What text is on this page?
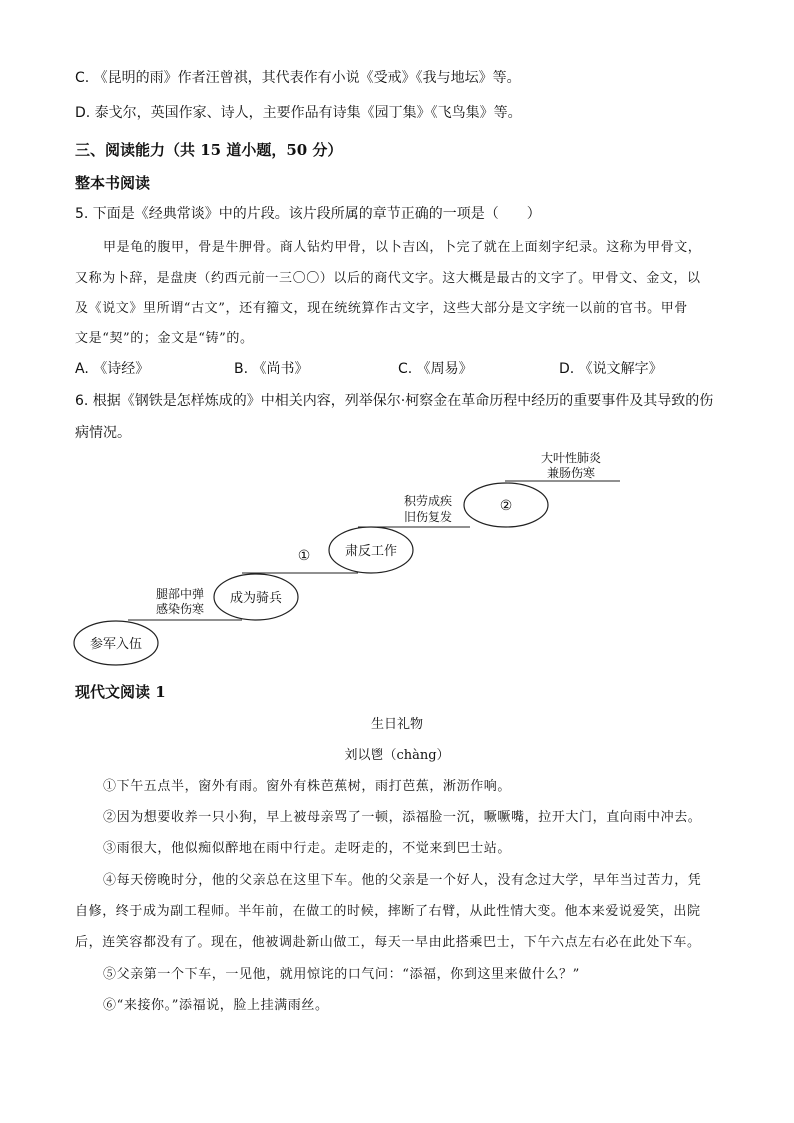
C. 《昆明的雨》作者汪曾祺，其代表作有小说《受戒》《我与地坛》等。
D. 泰戈尔，英国作家、诗人，主要作品有诗集《园丁集》《飞鸟集》等。
三、阅读能力（共 15 道小题，50 分）
整本书阅读
5. 下面是《经典常谈》中的片段。该片段所属的章节正确的一项是（　　）
甲是龟的腹甲，骨是牛胛骨。商人钻灼甲骨，以卜吉凶，卜完了就在上面刻字纪录。这称为甲骨文，
又称为卜辞，是盘庚（约西元前一三〇〇）以后的商代文字。这大概是最古的文字了。甲骨文、金文，以
及《说文》里所谓“古文”，还有籀文，现在统统算作古文字，这些大部分是文字统一以前的官书。甲骨
文是“契”的；金文是“铸”的。
A. 《诗经》	B. 《尚书》	C. 《周易》	D. 《说文解字》
6. 根据《钢铁是怎样炼成的》中相关内容，列举保尔·柯察金在革命历程中经历的重要事件及其导致的伤
病情况。
参军入伍
成为骑兵
肃反工作
②
腿部中弹
感染伤寒
①
积劳成疾
旧伤复发
大叶性肺炎
兼肠伤寒
现代文阅读 1
生日礼物
刘以鬯（chàng）
①下午五点半，窗外有雨。窗外有株芭蕉树，雨打芭蕉，淅沥作响。
②因为想要收养一只小狗，早上被母亲骂了一顿，添福脸一沉，噘噘嘴，拉开大门，直向雨中冲去。
③雨很大，他似痴似醉地在雨中行走。走呀走的，不觉来到巴士站。
④每天傍晚时分，他的父亲总在这里下车。他的父亲是一个好人，没有念过大学，早年当过苦力，凭
自修，终于成为副工程师。半年前，在做工的时候，摔断了右臂，从此性情大变。他本来爱说爱笑，出院
后，连笑容都没有了。现在，他被调赴新山做工，每天一早由此搭乘巴士，下午六点左右必在此处下车。
⑤父亲第一个下车，一见他，就用惊诧的口气问：“添福，你到这里来做什么？”
⑥“来接你。”添福说，脸上挂满雨丝。
